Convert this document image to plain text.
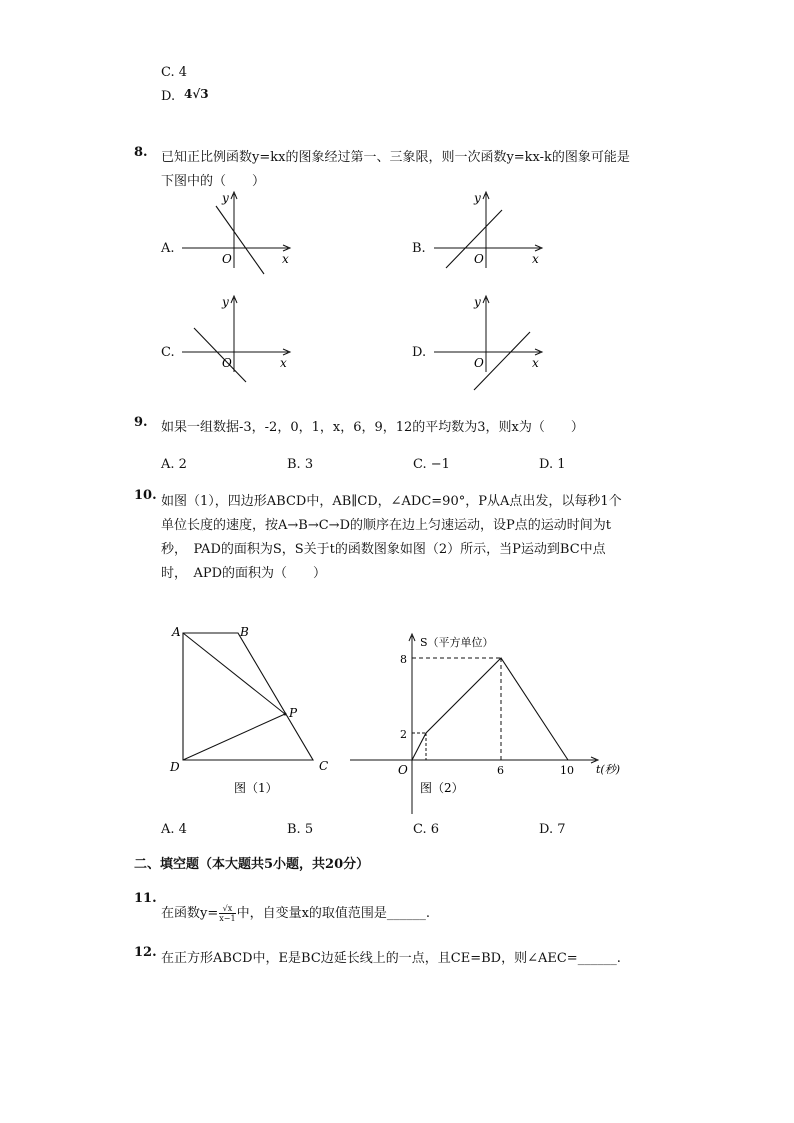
C. 4
D. 4√3
8. 已知正比例函数y=kx的图象经过第一、三象限，则一次函数y=kx-k的图象可能是
下图中的（　　）
A.
y
x
O
B.
y
x
O
C.
y
x
O
D.
y
x
O
9. 如果一组数据-3，-2，0，1，x，6，9，12的平均数为3，则x为（　　）
A. 2	B. 3	C. −1	D. 1
10. 如图（1），四边形ABCD中，AB∥CD，∠ADC=90°，P从A点出发，以每秒1个
单位长度的速度，按A→B→C→D的顺序在边上匀速运动，设P点的运动时间为t
秒，　PAD的面积为S，S关于t的函数图象如图（2）所示，当P运动到BC中点
时，　APD的面积为（　　）
A	B
C
D
P
图（1）
S（平方单位）
t(秒)
O
8
2
6	10
图（2）
A. 4	B. 5	C. 6	D. 7
二、填空题（本大题共5小题，共20分）
11.
在函数$y= \frac{√x}{x-1}$ 中，自变量x的取值范围是______.
12. 在正方形ABCD中，E是BC边延长线上的一点，且CE=BD，则∠AEC=______.
